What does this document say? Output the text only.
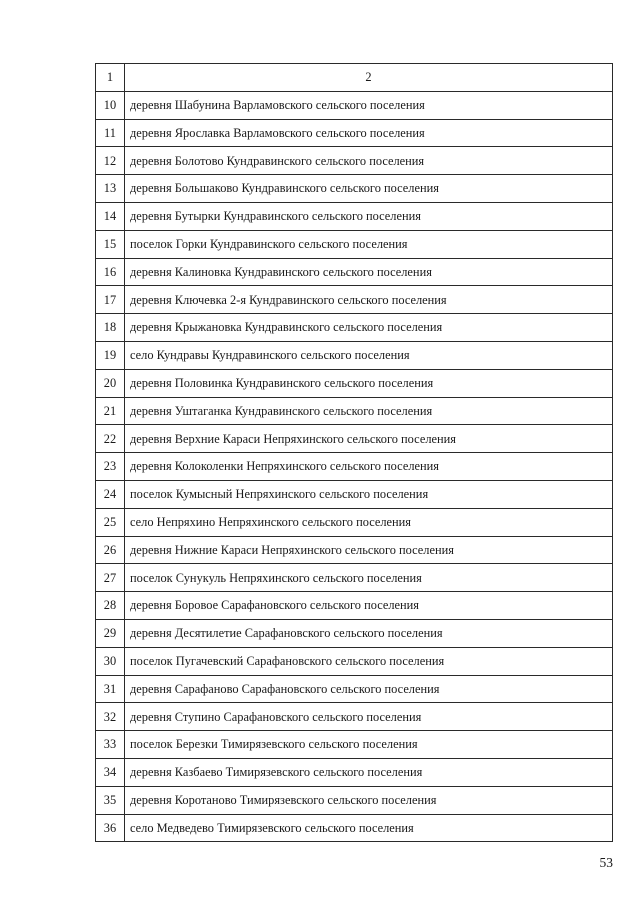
1	2
10	деревня Шабунина Варламовского сельского поселения
11	деревня Ярославка Варламовского сельского поселения
12	деревня Болотово Кундравинского сельского поселения
13	деревня Большаково Кундравинского сельского поселения
14	деревня Бутырки Кундравинского сельского поселения
15	поселок Горки Кундравинского сельского поселения
16	деревня Калиновка Кундравинского сельского поселения
17	деревня Ключевка 2-я Кундравинского сельского поселения
18	деревня Крыжановка Кундравинского сельского поселения
19	село Кундравы Кундравинского сельского поселения
20	деревня Половинка Кундравинского сельского поселения
21	деревня Уштаганка Кундравинского сельского поселения
22	деревня Верхние Караси Непряхинского сельского поселения
23	деревня Колоколенки Непряхинского сельского поселения
24	поселок Кумысный Непряхинского сельского поселения
25	село Непряхино Непряхинского сельского поселения
26	деревня Нижние Караси Непряхинского сельского поселения
27	поселок Сунукуль Непряхинского сельского поселения
28	деревня Боровое Сарафановского сельского поселения
29	деревня Десятилетие Сарафановского сельского поселения
30	поселок Пугачевский Сарафановского сельского поселения
31	деревня Сарафаново Сарафановского сельского поселения
32	деревня Ступино Сарафановского сельского поселения
33	поселок Березки Тимирязевского сельского поселения
34	деревня Казбаево Тимирязевского сельского поселения
35	деревня Коротаново Тимирязевского сельского поселения
36	село Медведево Тимирязевского сельского поселения
53
